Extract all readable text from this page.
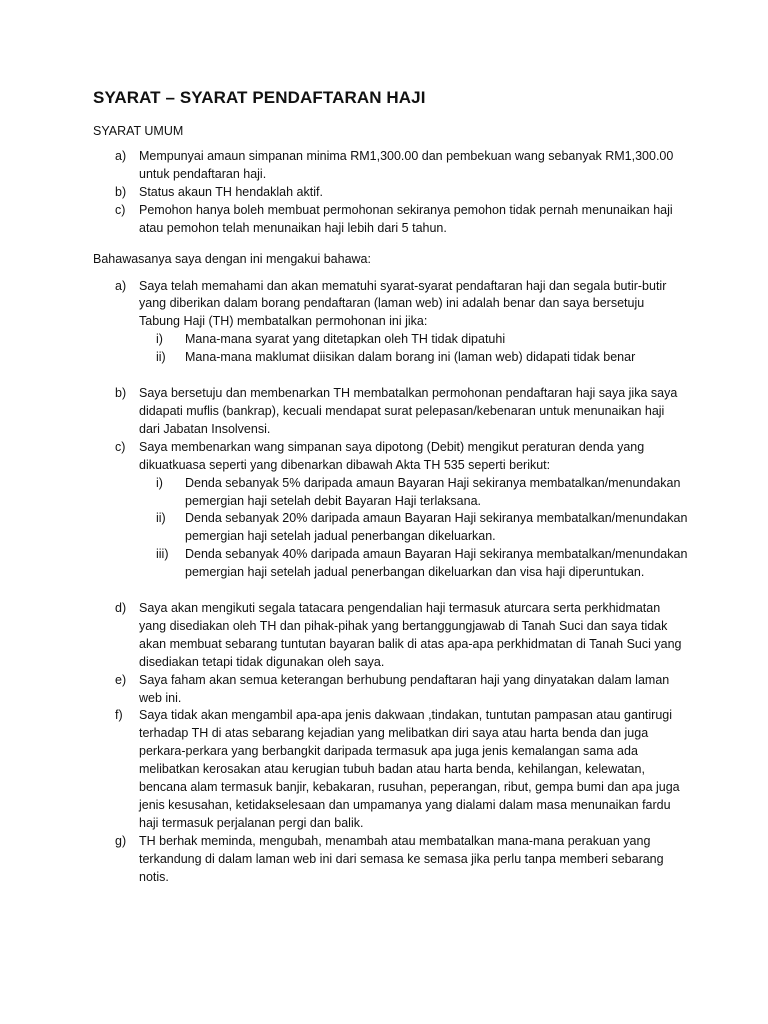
SYARAT – SYARAT PENDAFTARAN HAJI

SYARAT UMUM

a) Mempunyai amaun simpanan minima RM1,300.00 dan pembekuan wang sebanyak RM1,300.00 untuk pendaftaran haji.
b) Status akaun TH hendaklah aktif.
c) Pemohon hanya boleh membuat permohonan sekiranya pemohon tidak pernah menunaikan haji atau pemohon telah menunaikan haji lebih dari 5 tahun.

Bahawasanya saya dengan ini mengakui bahawa:

a) Saya telah memahami dan akan mematuhi syarat-syarat pendaftaran haji dan segala butir-butir yang diberikan dalam borang pendaftaran (laman web) ini adalah benar dan saya bersetuju Tabung Haji (TH) membatalkan permohonan ini jika:
i) Mana-mana syarat yang ditetapkan oleh TH tidak dipatuhi
ii) Mana-mana maklumat diisikan dalam borang ini (laman web) didapati tidak benar
b) Saya bersetuju dan membenarkan TH membatalkan permohonan pendaftaran haji saya jika saya didapati muflis (bankrap), kecuali mendapat surat pelepasan/kebenaran untuk menunaikan haji dari Jabatan Insolvensi.
c) Saya membenarkan wang simpanan saya dipotong (Debit) mengikut peraturan denda yang dikuatkuasa seperti yang dibenarkan dibawah Akta TH 535 seperti berikut:
i) Denda sebanyak 5% daripada amaun Bayaran Haji sekiranya membatalkan/menundakan pemergian haji setelah debit Bayaran Haji terlaksana.
ii) Denda sebanyak 20% daripada amaun Bayaran Haji sekiranya membatalkan/menundakan pemergian haji setelah jadual penerbangan dikeluarkan.
iii) Denda sebanyak 40% daripada amaun Bayaran Haji sekiranya membatalkan/menundakan pemergian haji setelah jadual penerbangan dikeluarkan dan visa haji diperuntukan.
d) Saya akan mengikuti segala tatacara pengendalian haji termasuk aturcara serta perkhidmatan yang disediakan oleh TH dan pihak-pihak yang bertanggungjawab di Tanah Suci dan saya tidak akan membuat sebarang tuntutan bayaran balik di atas apa-apa perkhidmatan di Tanah Suci yang disediakan tetapi tidak digunakan oleh saya.
e) Saya faham akan semua keterangan berhubung pendaftaran haji yang dinyatakan dalam laman web ini.
f) Saya tidak akan mengambil apa-apa jenis dakwaan ,tindakan, tuntutan pampasan atau gantirugi terhadap TH di atas sebarang kejadian yang melibatkan diri saya atau harta benda dan juga perkara-perkara yang berbangkit daripada termasuk apa juga jenis kemalangan sama ada melibatkan kerosakan atau kerugian tubuh badan atau harta benda, kehilangan, kelewatan, bencana alam termasuk banjir, kebakaran, rusuhan, peperangan, ribut, gempa bumi dan apa juga jenis kesusahan, ketidakselesaan dan umpamanya yang dialami dalam masa menunaikan fardu haji termasuk perjalanan pergi dan balik.
g) TH berhak meminda, mengubah, menambah atau membatalkan mana-mana perakuan yang terkandung di dalam laman web ini dari semasa ke semasa jika perlu tanpa memberi sebarang notis.
